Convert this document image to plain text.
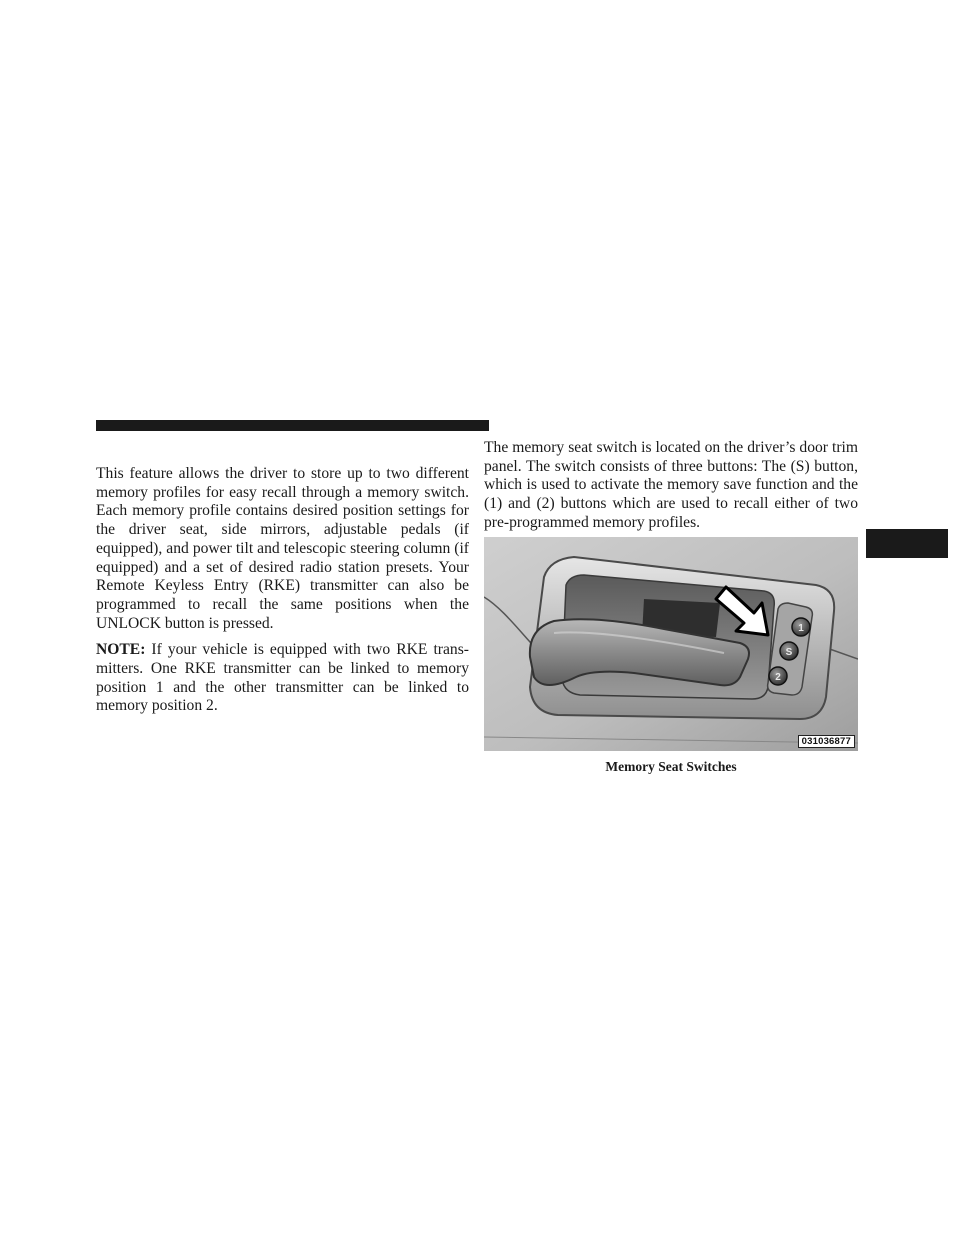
This feature allows the driver to store up to two different memory profiles for easy recall through a memory switch. Each memory profile contains desired position settings for the driver seat, side mirrors, adjustable pedals (if equipped), and power tilt and telescopic steering column (if equipped) and a set of desired radio station presets. Your Remote Keyless Entry (RKE) transmitter can also be programmed to recall the same positions when the UNLOCK button is pressed.

NOTE: If your vehicle is equipped with two RKE transmitters. One RKE transmitter can be linked to memory position 1 and the other transmitter can be linked to memory position 2.

The memory seat switch is located on the driver’s door trim panel. The switch consists of three buttons: The (S) button, which is used to activate the memory save function and the (1) and (2) buttons which are used to recall either of two pre-programmed memory profiles.

1
S
2
031036877
Memory Seat Switches
